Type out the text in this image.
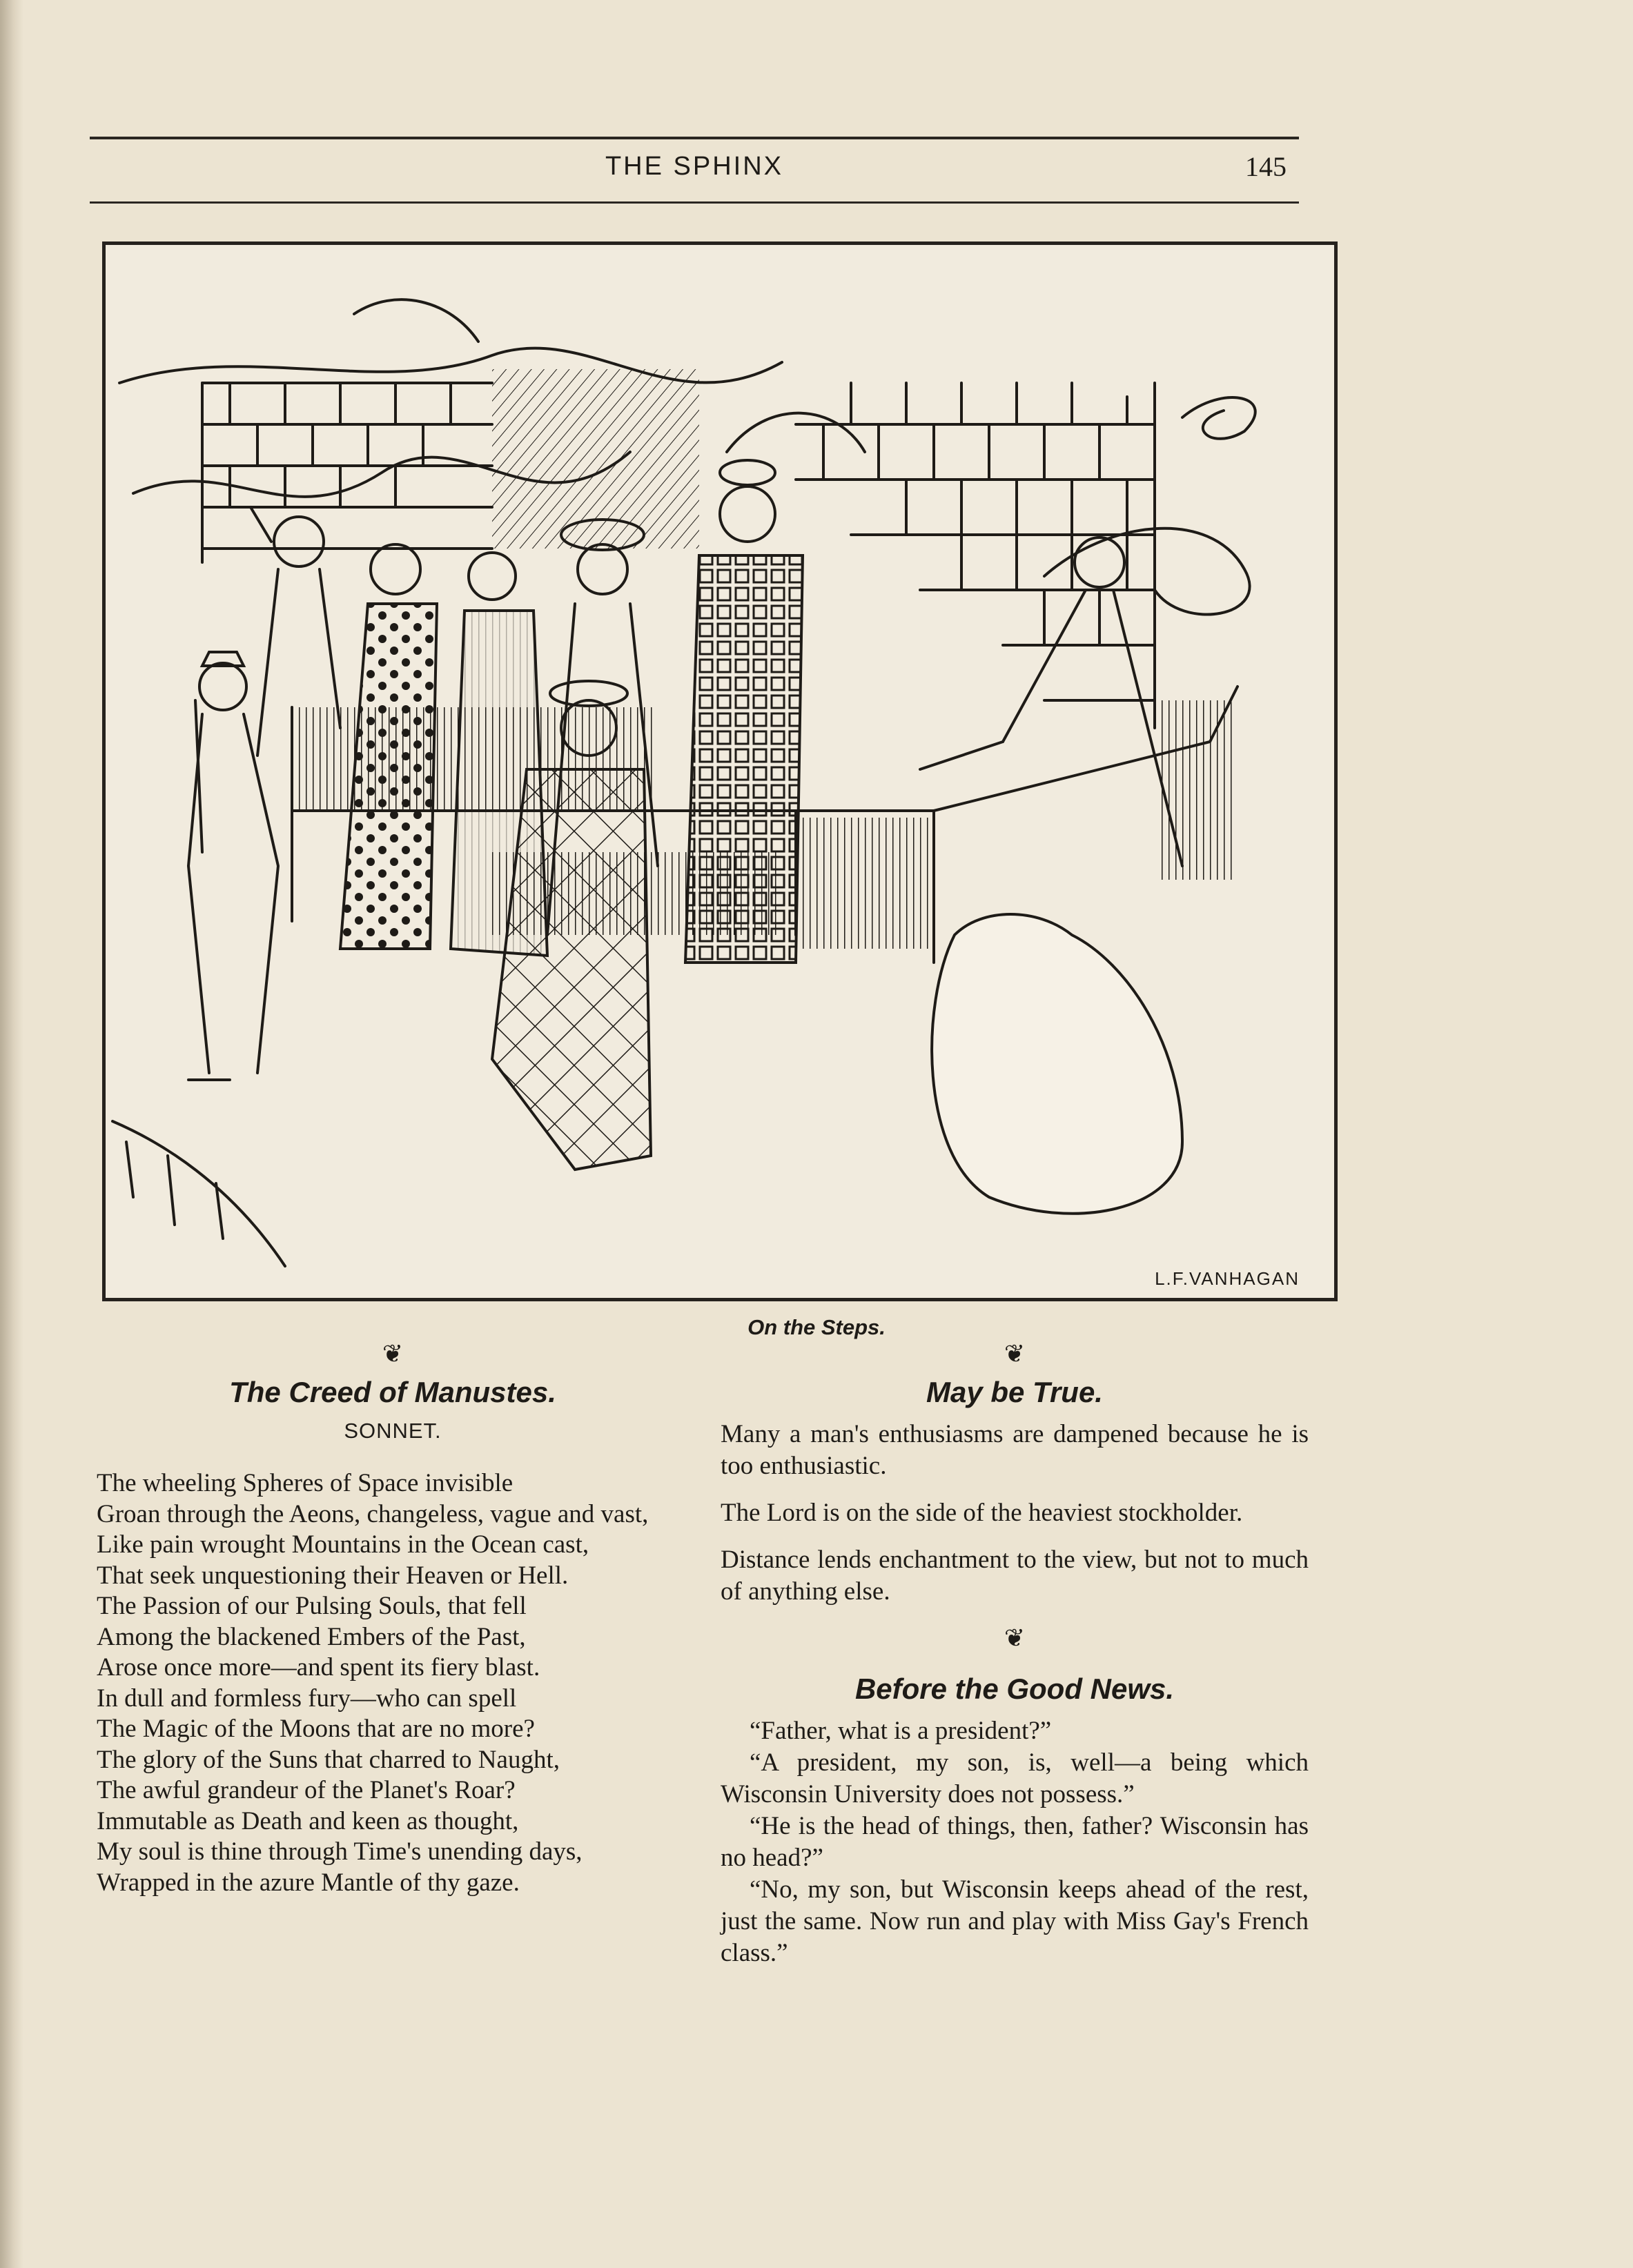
THE SPHINX	145
L.F.VANHAGAN
On the Steps.
❦
The Creed of Manustes.
SONNET.
The wheeling Spheres of Space invisible
Groan through the Aeons, changeless, vague and vast,
Like pain wrought Mountains in the Ocean cast,
That seek unquestioning their Heaven or Hell.
The Passion of our Pulsing Souls, that fell
Among the blackened Embers of the Past,
Arose once more—and spent its fiery blast.
In dull and formless fury—who can spell
The Magic of the Moons that are no more?
The glory of the Suns that charred to Naught,
The awful grandeur of the Planet's Roar?
Immutable as Death and keen as thought,
My soul is thine through Time's unending days,
Wrapped in the azure Mantle of thy gaze.
❦
May be True.

Many a man's enthusiasms are dampened because he is too enthusiastic.

The Lord is on the side of the heaviest stockholder.

Distance lends enchantment to the view, but not to much of anything else.

❦
Before the Good News.

“Father, what is a president?”

“A president, my son, is, well—a being which Wisconsin University does not possess.”

“He is the head of things, then, father? Wisconsin has no head?”

“No, my son, but Wisconsin keeps ahead of the rest, just the same. Now run and play with Miss Gay's French class.”
